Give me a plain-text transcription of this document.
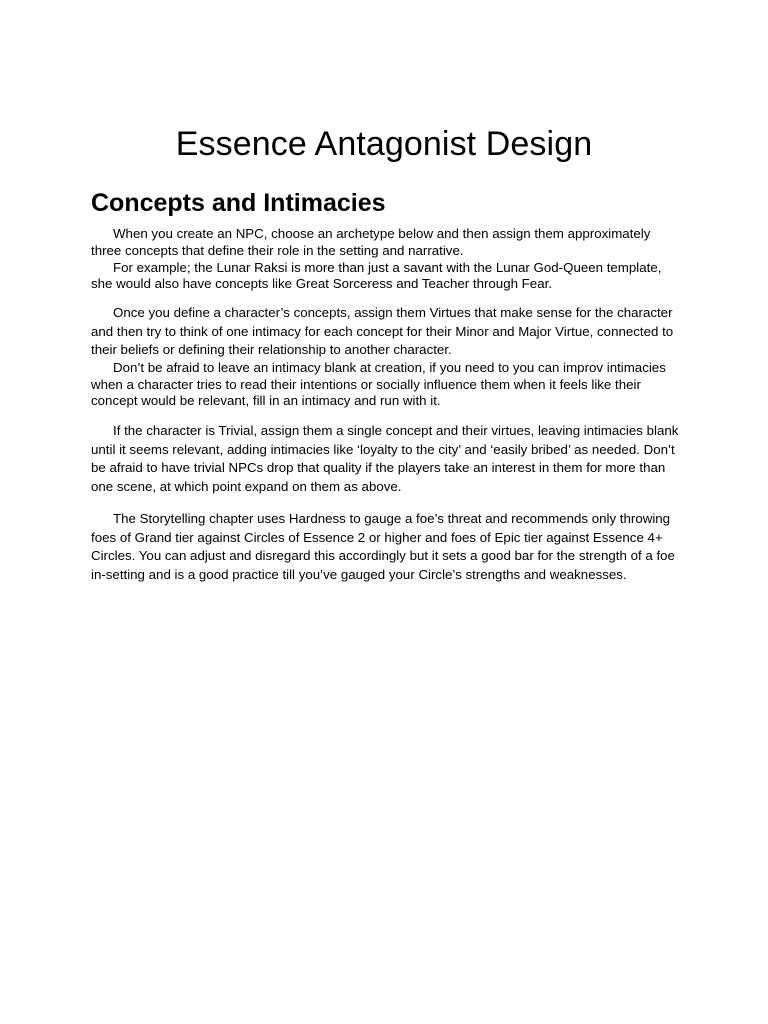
Essence Antagonist Design
Concepts and Intimacies

When you create an NPC, choose an archetype below and then assign them approximately three concepts that define their role in the setting and narrative.

For example; the Lunar Raksi is more than just a savant with the Lunar God-Queen template, she would also have concepts like Great Sorceress and Teacher through Fear.

Once you define a character’s concepts, assign them Virtues that make sense for the character and then try to think of one intimacy for each concept for their Minor and Major Virtue, connected to their beliefs or defining their relationship to another character.

Don’t be afraid to leave an intimacy blank at creation, if you need to you can improv intimacies when a character tries to read their intentions or socially influence them when it feels like their concept would be relevant, fill in an intimacy and run with it.

If the character is Trivial, assign them a single concept and their virtues, leaving intimacies blank until it seems relevant, adding intimacies like ‘loyalty to the city’ and ‘easily bribed’ as needed. Don’t be afraid to have trivial NPCs drop that quality if the players take an interest in them for more than one scene, at which point expand on them as above.

The Storytelling chapter uses Hardness to gauge a foe’s threat and recommends only throwing foes of Grand tier against Circles of Essence 2 or higher and foes of Epic tier against Essence 4+ Circles. You can adjust and disregard this accordingly but it sets a good bar for the strength of a foe in-setting and is a good practice till you’ve gauged your Circle’s strengths and weaknesses.
